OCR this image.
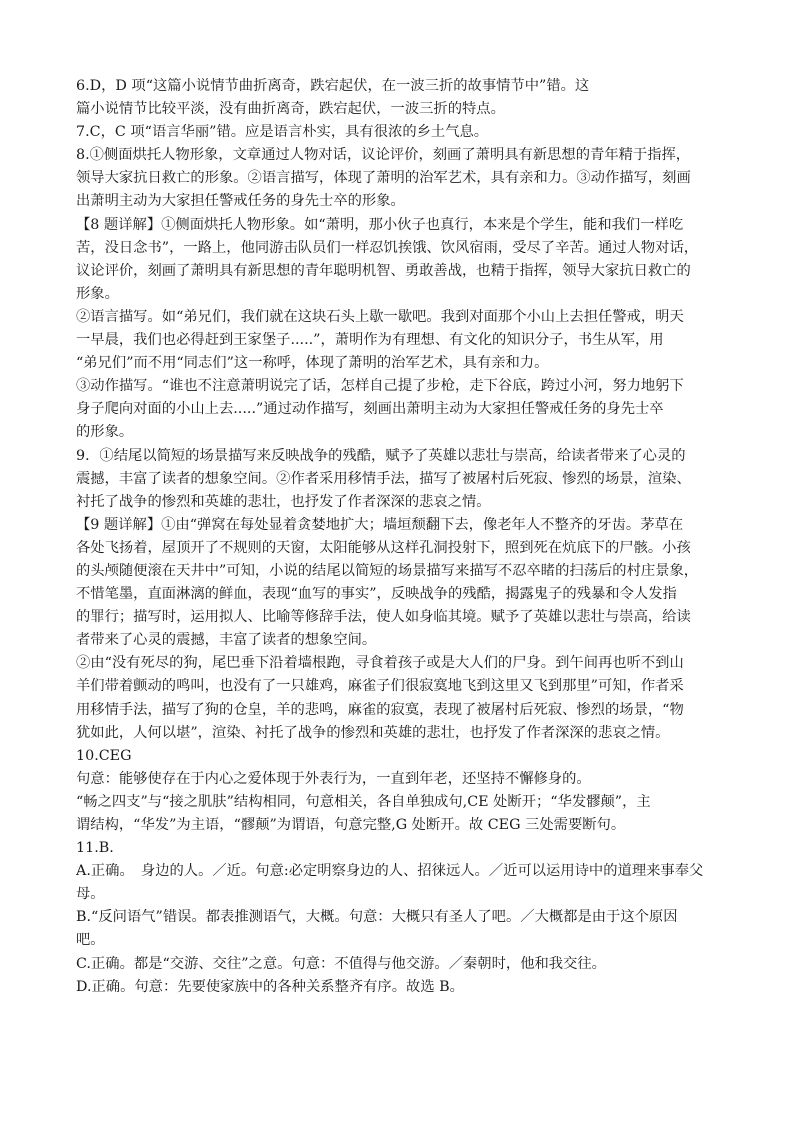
6.D，D 项“这篇小说情节曲折离奇，跌宕起伏，在一波三折的故事情节中”错。这
篇小说情节比较平淡，没有曲折离奇，跌宕起伏，一波三折的特点。
7.C，C 项“语言华丽”错。应是语言朴实，具有很浓的乡土气息。
8.①侧面烘托人物形象，文章通过人物对话，议论评价，刻画了萧明具有新思想的青年精于指挥，
领导大家抗日救亡的形象。②语言描写，体现了萧明的治军艺术，具有亲和力。③动作描写，刻画
出萧明主动为大家担任警戒任务的身先士卒的形象。
【8 题详解】①侧面烘托人物形象。如“萧明，那小伙子也真行，本来是个学生，能和我们一样吃
苦，没日念书”，一路上，他同游击队员们一样忍饥挨饿、饮风宿雨，受尽了辛苦。通过人物对话，
议论评价，刻画了萧明具有新思想的青年聪明机智、勇敢善战，也精于指挥，领导大家抗日救亡的
形象。
②语言描写。如“弟兄们，我们就在这块石头上歇一歇吧。我到对面那个小山上去担任警戒，明天
一早晨，我们也必得赶到王家堡子.....”，萧明作为有理想、有文化的知识分子，书生从军，用
“弟兄们”而不用“同志们”这一称呼，体现了萧明的治军艺术，具有亲和力。
③动作描写。“谁也不注意萧明说完了话，怎样自己提了步枪，走下谷底，跨过小河，努力地躬下
身子爬向对面的小山上去.....”通过动作描写，刻画出萧明主动为大家担任警戒任务的身先士卒
的形象。
9．①结尾以简短的场景描写来反映战争的残酷，赋予了英雄以悲壮与崇高，给读者带来了心灵的
震撼，丰富了读者的想象空间。②作者采用移情手法，描写了被屠村后死寂、惨烈的场景，渲染、
衬托了战争的惨烈和英雄的悲壮，也抒发了作者深深的悲哀之情。
【9 题详解】①由“弹窝在每处显着贪婪地扩大；墙垣颓翻下去，像老年人不整齐的牙齿。茅草在
各处飞扬着，屋顶开了不规则的天窗，太阳能够从这样孔洞投射下，照到死在炕底下的尸骸。小孩
的头颅随便滚在天井中”可知，小说的结尾以简短的场景描写来描写不忍卒睹的扫荡后的村庄景象，
不惜笔墨，直面淋漓的鲜血，表现“血写的事实”，反映战争的残酷，揭露鬼子的残暴和令人发指
的罪行；描写时，运用拟人、比喻等修辞手法，使人如身临其境。赋予了英雄以悲壮与崇高，给读
者带来了心灵的震撼，丰富了读者的想象空间。
②由“没有死尽的狗，尾巴垂下沿着墙根跑，寻食着孩子或是大人们的尸身。到午间再也听不到山
羊们带着颤动的鸣叫，也没有了一只雄鸡，麻雀子们很寂寞地飞到这里又飞到那里”可知，作者采
用移情手法，描写了狗的仓皇，羊的悲鸣，麻雀的寂寞，表现了被屠村后死寂、惨烈的场景，“物
犹如此，人何以堪”，渲染、衬托了战争的惨烈和英雄的悲壮，也抒发了作者深深的悲哀之情。
10.CEG
句意：能够使存在于内心之爱体现于外表行为，一直到年老，还坚持不懈修身的。
“畅之四支”与“接之肌肤”结构相同，句意相关，各自单独成句,CE 处断开；“华发髎颠”，主
谓结构，“华发”为主语，“髎颠”为谓语，句意完整,G 处断开。故 CEG 三处需要断句。
11.B.
A.正确。　身边的人。／近。句意:必定明察身边的人、招徕远人。／近可以运用诗中的道理来事奉父
母。
B.“反问语气”错误。都表推测语气，大概。句意：大概只有圣人了吧。／大概都是由于这个原因
吧。
C.正确。都是“交游、交往”之意。句意：不值得与他交游。／秦朝时，他和我交往。
D.正确。句意：先要使家族中的各种关系整齐有序。故选 B。
